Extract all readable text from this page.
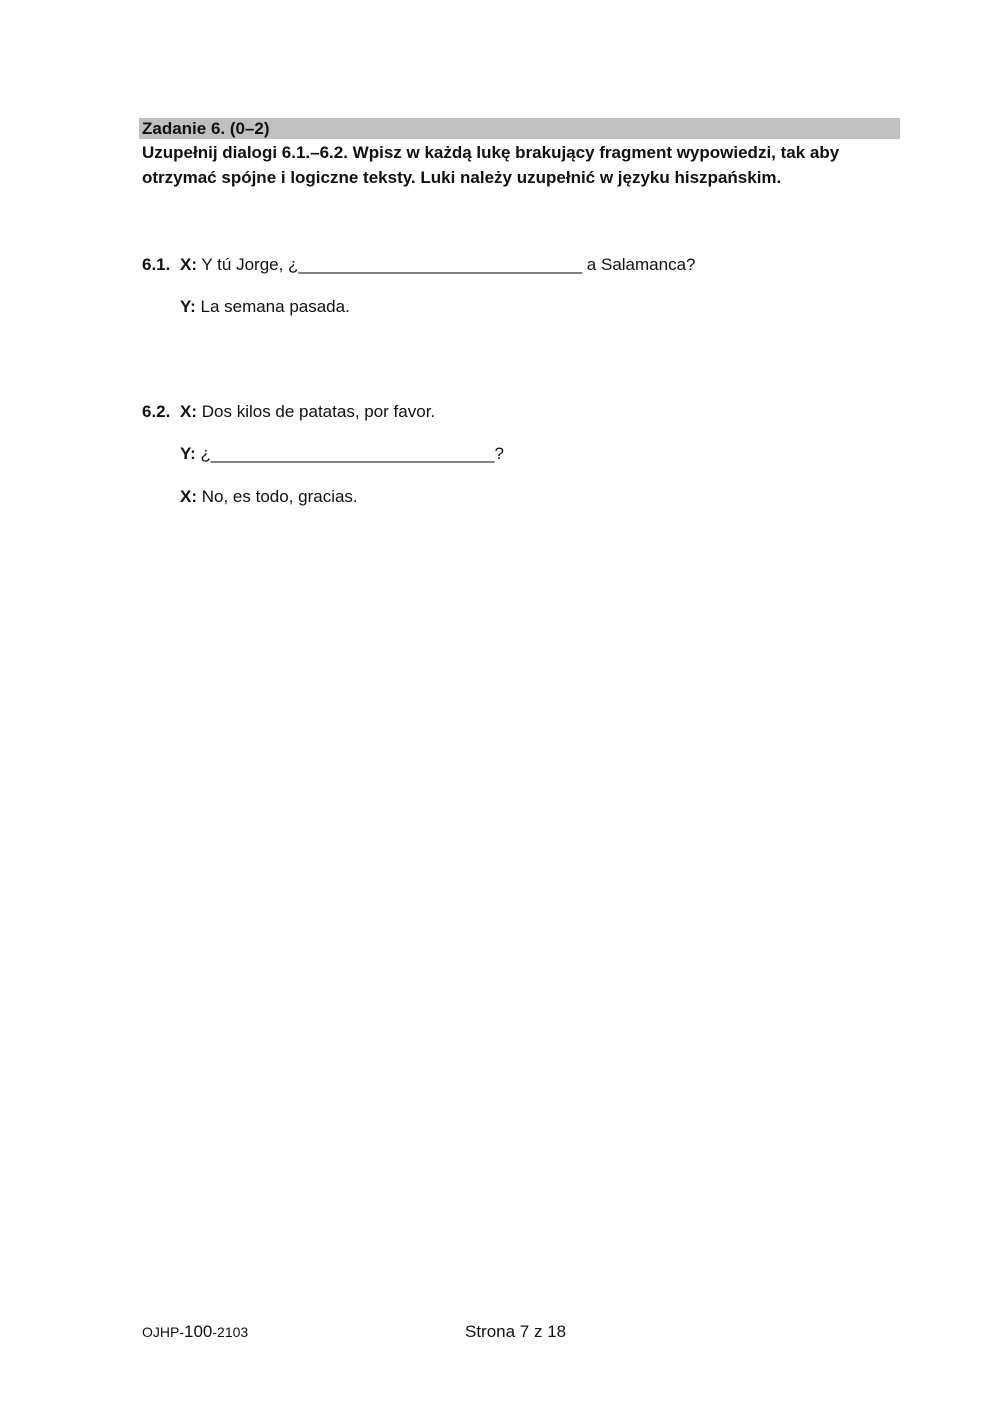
Zadanie 6. (0–2)
Uzupełnij dialogi 6.1.–6.2. Wpisz w każdą lukę brakujący fragment wypowiedzi, tak aby otrzymać spójne i logiczne teksty. Luki należy uzupełnić w języku hiszpańskim.
6.1. X: Y tú Jorge, ¿______________________________ a Salamanca?
Y: La semana pasada.
6.2. X: Dos kilos de patatas, por favor.
Y: ¿______________________________?
X: No, es todo, gracias.
OJHP-100-2103	Strona 7 z 18
